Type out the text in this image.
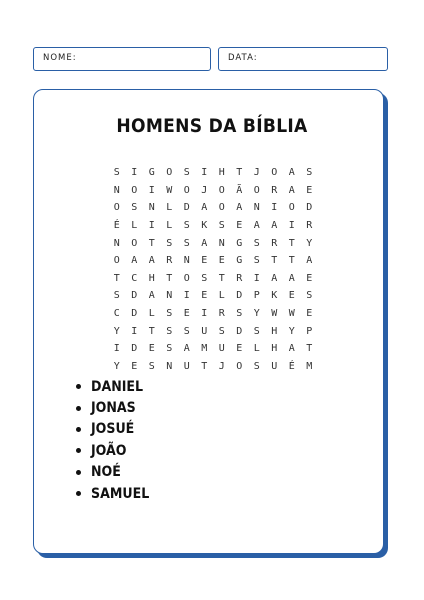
NOME:	DATA:
HOMENS DA BÍBLIA
S	I	G	O	S	I	H	T	J	O	A	S
N	O	I	W	O	J	O	Ã	O	R	A	E
O	S	N	L	D	A	O	A	N	I	O	D
É	L	I	L	S	K	S	E	A	A	I	R
N	O	T	S	S	A	N	G	S	R	T	Y
O	A	A	R	N	E	E	G	S	T	T	A
T	C	H	T	O	S	T	R	I	A	A	E
S	D	A	N	I	E	L	D	P	K	E	S
C	D	L	S	E	I	R	S	Y	W	W	E
Y	I	T	S	S	U	S	D	S	H	Y	P
I	D	E	S	A	M	U	E	L	H	A	T
Y	E	S	N	U	T	J	O	S	U	É	M
DANIEL
JONAS
JOSUÉ
JOÃO
NOÉ
SAMUEL
